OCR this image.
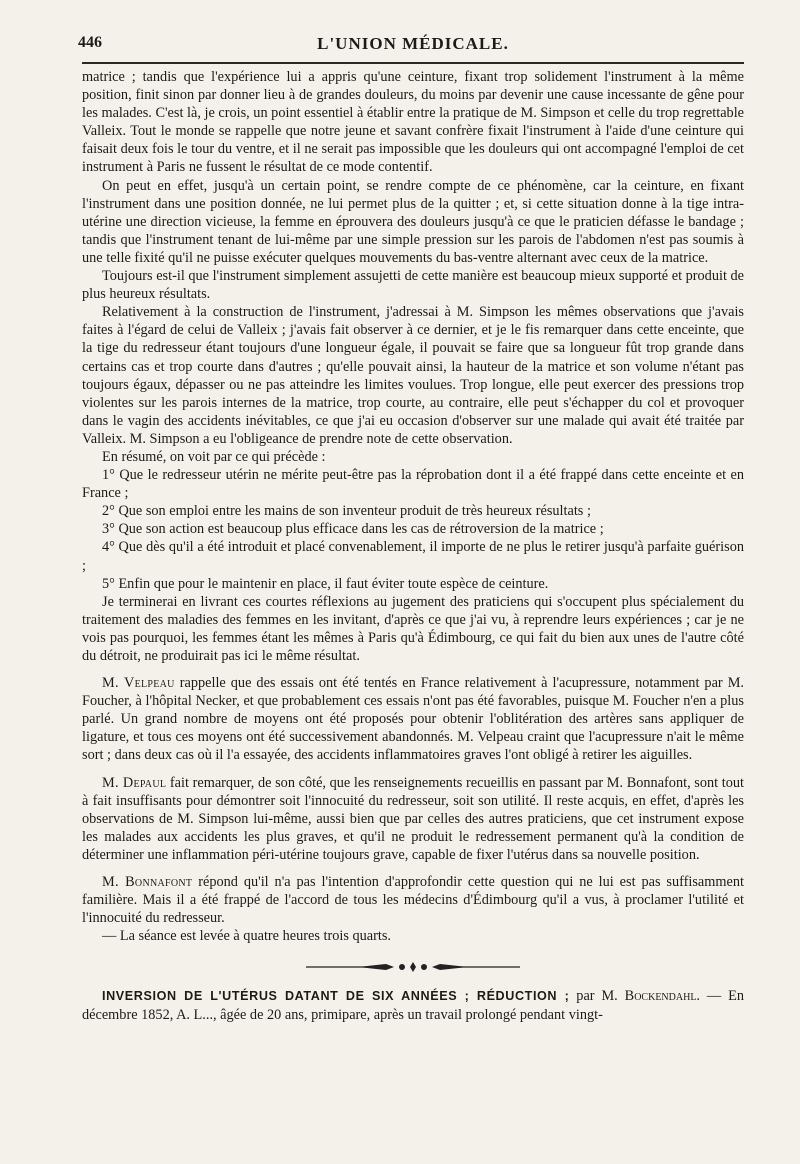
446	L'UNION MÉDICALE.

matrice ; tandis que l'expérience lui a appris qu'une ceinture, fixant trop solidement l'instrument à la même position, finit sinon par donner lieu à de grandes douleurs, du moins par devenir une cause incessante de gêne pour les malades. C'est là, je crois, un point essentiel à établir entre la pratique de M. Simpson et celle du trop regrettable Valleix. Tout le monde se rappelle que notre jeune et savant confrère fixait l'instrument à l'aide d'une ceinture qui faisait deux fois le tour du ventre, et il ne serait pas impossible que les douleurs qui ont accompagné l'emploi de cet instrument à Paris ne fussent le résultat de ce mode contentif.

On peut en effet, jusqu'à un certain point, se rendre compte de ce phénomène, car la ceinture, en fixant l'instrument dans une position donnée, ne lui permet plus de la quitter ; et, si cette situation donne à la tige intra-utérine une direction vicieuse, la femme en éprouvera des douleurs jusqu'à ce que le praticien défasse le bandage ; tandis que l'instrument tenant de lui-même par une simple pression sur les parois de l'abdomen n'est pas soumis à une telle fixité qu'il ne puisse exécuter quelques mouvements du bas-ventre alternant avec ceux de la matrice.

Toujours est-il que l'instrument simplement assujetti de cette manière est beaucoup mieux supporté et produit de plus heureux résultats.

Relativement à la construction de l'instrument, j'adressai à M. Simpson les mêmes observations que j'avais faites à l'égard de celui de Valleix ; j'avais fait observer à ce dernier, et je le fis remarquer dans cette enceinte, que la tige du redresseur étant toujours d'une longueur égale, il pouvait se faire que sa longueur fût trop grande dans certains cas et trop courte dans d'autres ; qu'elle pouvait ainsi, la hauteur de la matrice et son volume n'étant pas toujours égaux, dépasser ou ne pas atteindre les limites voulues. Trop longue, elle peut exercer des pressions trop violentes sur les parois internes de la matrice, trop courte, au contraire, elle peut s'échapper du col et provoquer dans le vagin des accidents inévitables, ce que j'ai eu occasion d'observer sur une malade qui avait été traitée par Valleix. M. Simpson a eu l'obligeance de prendre note de cette observation.

En résumé, on voit par ce qui précède :

1° Que le redresseur utérin ne mérite peut-être pas la réprobation dont il a été frappé dans cette enceinte et en France ;

2° Que son emploi entre les mains de son inventeur produit de très heureux résultats ;

3° Que son action est beaucoup plus efficace dans les cas de rétroversion de la matrice ;

4° Que dès qu'il a été introduit et placé convenablement, il importe de ne plus le retirer jusqu'à parfaite guérison ;

5° Enfin que pour le maintenir en place, il faut éviter toute espèce de ceinture.

Je terminerai en livrant ces courtes réflexions au jugement des praticiens qui s'occupent plus spécialement du traitement des maladies des femmes en les invitant, d'après ce que j'ai vu, à reprendre leurs expériences ; car je ne vois pas pourquoi, les femmes étant les mêmes à Paris qu'à Édimbourg, ce qui fait du bien aux unes de l'autre côté du détroit, ne produirait pas ici le même résultat.

M. Velpeau rappelle que des essais ont été tentés en France relativement à l'acupressure, notamment par M. Foucher, à l'hôpital Necker, et que probablement ces essais n'ont pas été favorables, puisque M. Foucher n'en a plus parlé. Un grand nombre de moyens ont été proposés pour obtenir l'oblitération des artères sans appliquer de ligature, et tous ces moyens ont été successivement abandonnés. M. Velpeau craint que l'acupressure n'ait le même sort ; dans deux cas où il l'a essayée, des accidents inflammatoires graves l'ont obligé à retirer les aiguilles.

M. Depaul fait remarquer, de son côté, que les renseignements recueillis en passant par M. Bonnafont, sont tout à fait insuffisants pour démontrer soit l'innocuité du redresseur, soit son utilité. Il reste acquis, en effet, d'après les observations de M. Simpson lui-même, aussi bien que par celles des autres praticiens, que cet instrument expose les malades aux accidents les plus graves, et qu'il ne produit le redressement permanent qu'à la condition de déterminer une inflammation péri-utérine toujours grave, capable de fixer l'utérus dans sa nouvelle position.

M. Bonnafont répond qu'il n'a pas l'intention d'approfondir cette question qui ne lui est pas suffisamment familière. Mais il a été frappé de l'accord de tous les médecins d'Édimbourg qu'il a vus, à proclamer l'utilité et l'innocuité du redresseur.

— La séance est levée à quatre heures trois quarts.

INVERSION DE L'UTÉRUS DATANT DE SIX ANNÉES ; RÉDUCTION ; par M. Bockendahl. — En décembre 1852, A. L..., âgée de 20 ans, primipare, après un travail prolongé pendant vingt-
